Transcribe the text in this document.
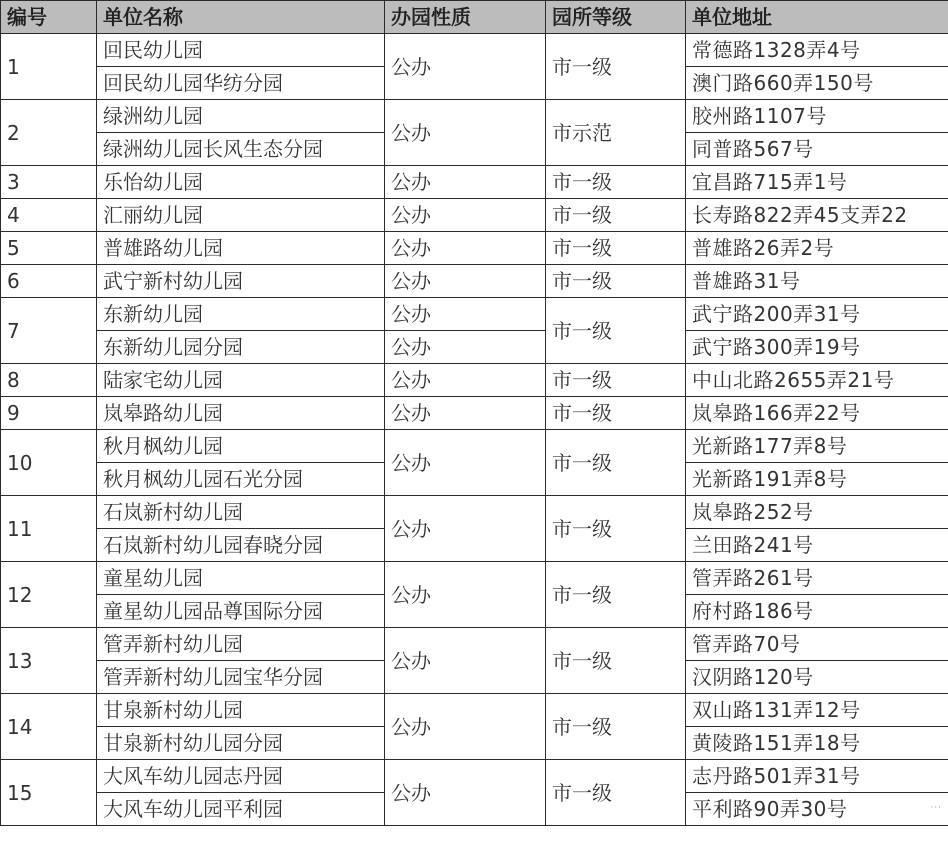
编号	单位名称	办园性质	园所等级	单位地址
1	回民幼儿园	公办	市一级	常德路1328弄4号
	回民幼儿园华纺分园			澳门路660弄150号
2	绿洲幼儿园	公办	市示范	胶州路1107号
	绿洲幼儿园长风生态分园			同普路567号
3	乐怡幼儿园	公办	市一级	宜昌路715弄1号
4	汇丽幼儿园	公办	市一级	长寿路822弄45支弄22
5	普雄路幼儿园	公办	市一级	普雄路26弄2号
6	武宁新村幼儿园	公办	市一级	普雄路31号
7	东新幼儿园	公办	市一级	武宁路200弄31号
	东新幼儿园分园	公办		武宁路300弄19号
8	陆家宅幼儿园	公办	市一级	中山北路2655弄21号
9	岚皋路幼儿园	公办	市一级	岚皋路166弄22号
10	秋月枫幼儿园	公办	市一级	光新路177弄8号
	秋月枫幼儿园石光分园			光新路191弄8号
11	石岚新村幼儿园	公办	市一级	岚皋路252号
	石岚新村幼儿园春晓分园			兰田路241号
12	童星幼儿园	公办	市一级	管弄路261号
	童星幼儿园品尊国际分园			府村路186号
13	管弄新村幼儿园	公办	市一级	管弄路70号
	管弄新村幼儿园宝华分园			汉阴路120号
14	甘泉新村幼儿园	公办	市一级	双山路131弄12号
	甘泉新村幼儿园分园			黄陵路151弄18号
15	大风车幼儿园志丹园	公办	市一级	志丹路501弄31号
	大风车幼儿园平利园			平利路90弄30号	···
